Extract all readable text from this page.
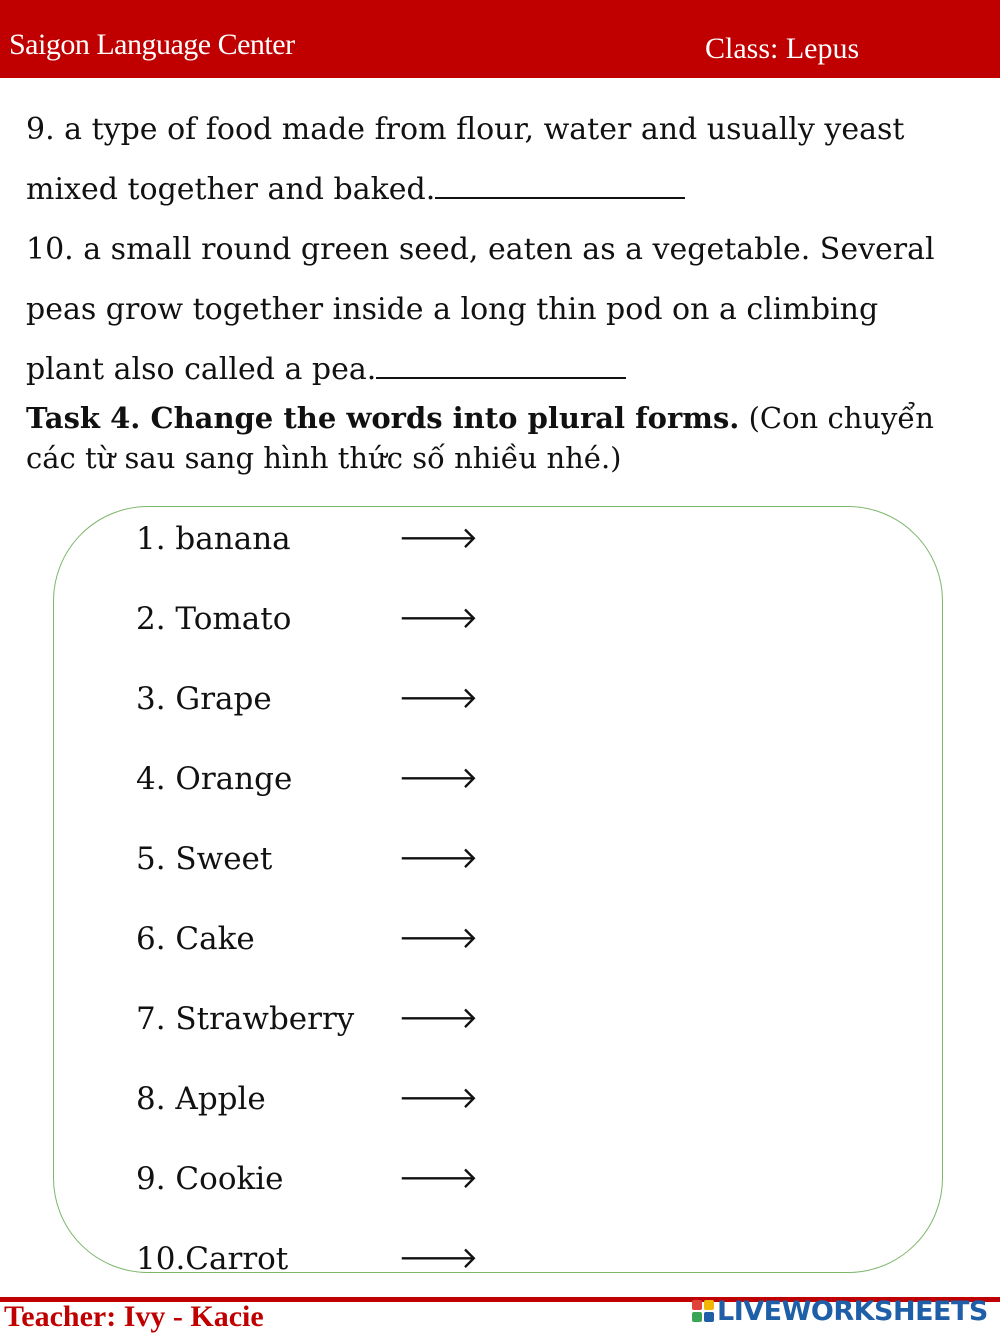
Saigon Language Center	Class: Lepus
9. a type of food made from flour, water and usually yeast
mixed together and baked.
10. a small round green seed, eaten as a vegetable. Several
peas grow together inside a long thin pod on a climbing
plant also called a pea.
Task 4. Change the words into plural forms. (Con chuyển
các từ sau sang hình thức số nhiều nhé.)
1. banana	🡒
2. Tomato	🡒
3. Grape	🡒
4. Orange	🡒
5. Sweet	🡒
6. Cake	🡒
7. Strawberry 🡒
8. Apple	🡒
9. Cookie	🡒
10.Carrot	🡒
Teacher: Ivy - Kacie	LIVEWORKSHEETS
